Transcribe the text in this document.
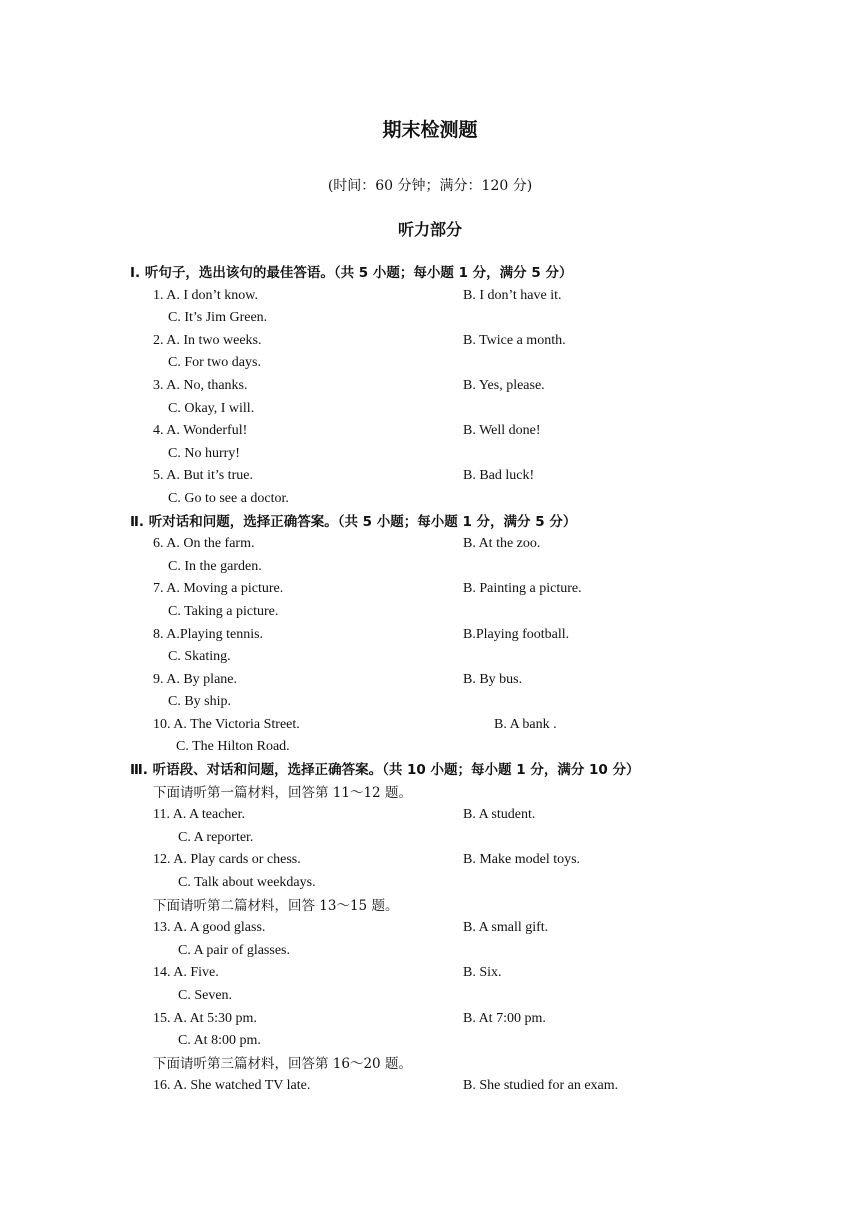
期末检测题
(时间：60 分钟；满分：120 分)
听力部分
Ⅰ. 听句子，选出该句的最佳答语。（共 5 小题；每小题 1 分，满分 5 分）
1. A. I don’t know.	B. I don’t have it.
C. It’s Jim Green.
2. A. In two weeks.	B. Twice a month.
C. For two days.
3. A. No, thanks.	B. Yes, please.
C. Okay, I will.
4. A. Wonderful!	B. Well done!
C. No hurry!
5. A. But it’s true.	B. Bad luck!
C. Go to see a doctor.
Ⅱ. 听对话和问题，选择正确答案。（共 5 小题；每小题 1 分，满分 5 分）
6. A. On the farm.	B. At the zoo.
C. In the garden.
7. A. Moving a picture.	B. Painting a picture.
C. Taking a picture.
8. A.Playing tennis.	B.Playing football.
C. Skating.
9. A. By plane.	B. By bus.
C. By ship.
10. A. The Victoria Street.	B. A bank .
C. The Hilton Road.
Ⅲ. 听语段、对话和问题，选择正确答案。（共 10 小题；每小题 1 分，满分 10 分）
下面请听第一篇材料，回答第 11～12 题。
11. A. A teacher.	B. A student.
C. A reporter.
12. A. Play cards or chess.	B. Make model toys.
C. Talk about weekdays.
下面请听第二篇材料，回答 13～15 题。
13. A. A good glass.	B. A small gift.
C. A pair of glasses.
14. A. Five.	B. Six.
C. Seven.
15. A. At 5:30 pm.	B. At 7:00 pm.
C. At 8:00 pm.
下面请听第三篇材料，回答第 16～20 题。
16. A. She watched TV late.	B. She studied for an exam.
